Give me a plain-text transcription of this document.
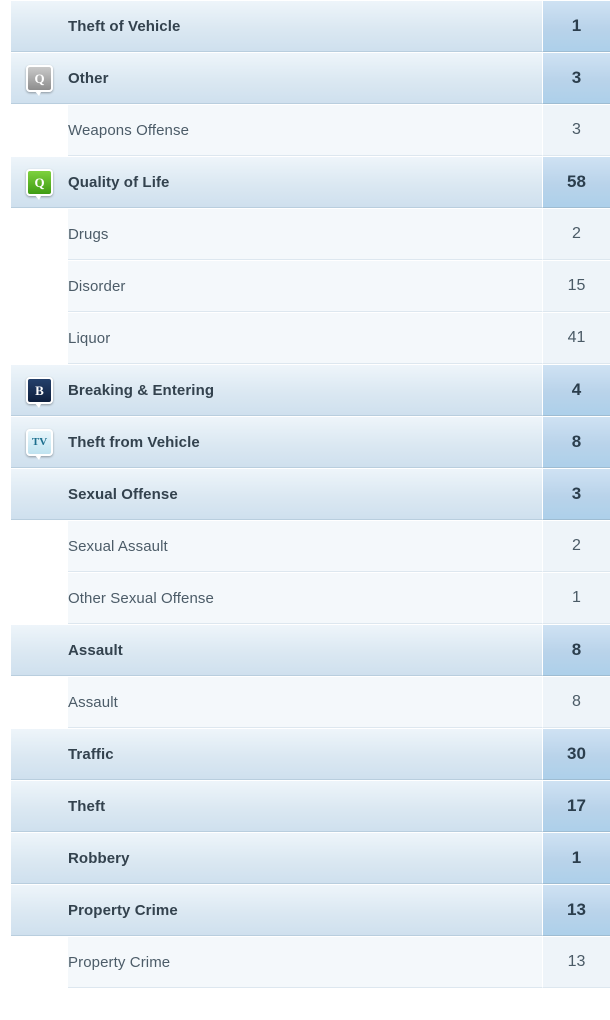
Theft of Vehicle	1
Q	Other	3
Weapons Offense	3
Q	Quality of Life	58
Drugs	2
Disorder	15
Liquor	41
B	Breaking & Entering	4
TV	Theft from Vehicle	8
Sexual Offense	3
Sexual Assault	2
Other Sexual Offense	1
Assault	8
Assault	8
Traffic	30
Theft	17
Robbery	1
Property Crime	13
Property Crime	13
